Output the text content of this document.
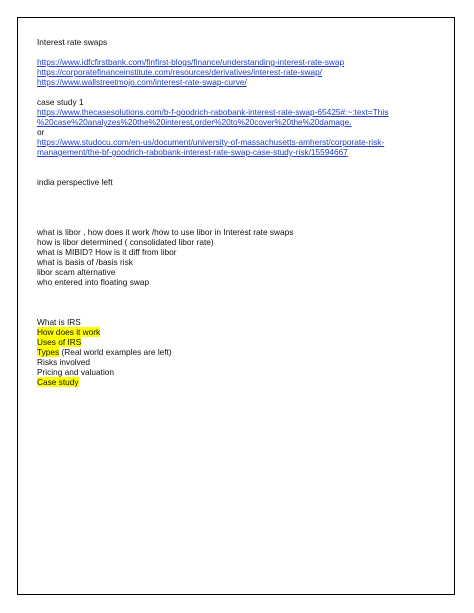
Interest rate swaps
https://www.idfcfirstbank.com/finfirst-blogs/finance/understanding-interest-rate-swap
https://corporatefinanceinstitute.com/resources/derivatives/interest-rate-swap/
https://www.wallstreetmojo.com/interest-rate-swap-curve/
case study 1
https://www.thecasesolutions.com/b-f-goodrich-rabobank-interest-rate-swap-65425#:~:text=This
%20case%20analyzes%20the%20interest,order%20to%20cover%20the%20damage.
or
https://www.studocu.com/en-us/document/university-of-massachusetts-amherst/corporate-risk-
management/the-bf-goodrich-rabobank-interest-rate-swap-case-study-risk/15594667
india perspective left
what is libor , how does it work /how to use libor in Interest rate swaps
how is libor determined ( consolidated libor rate)
what is MIBID? How is it diff from libor
what is basis of /basis risk
libor scam alternative
who entered into floating swap
What is IRS
How does it work
Uses of IRS
Types (Real world examples are left)
Risks involved
Pricing and valuation
Case study
